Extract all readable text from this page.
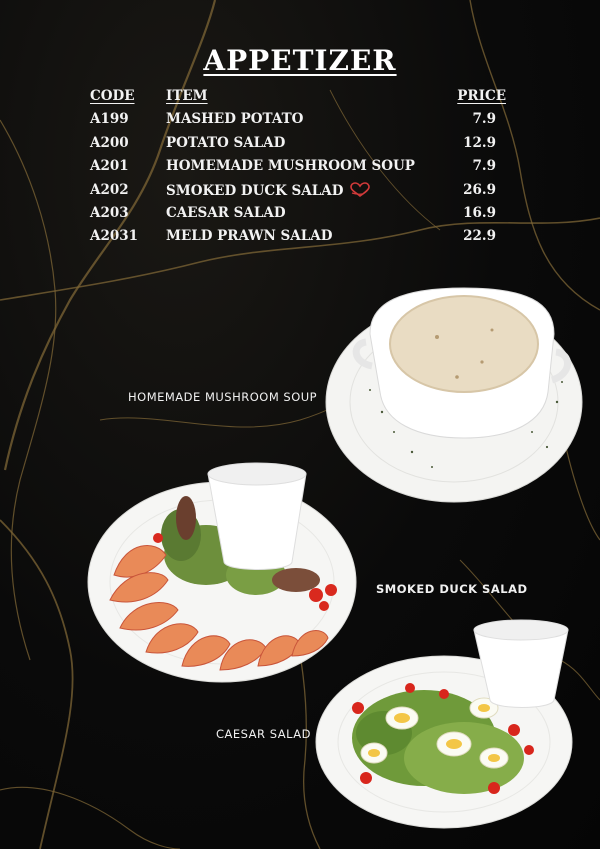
APPETIZER
CODE ITEM	PRICE
A199	MASHED POTATO	7.9
A200	POTATO SALAD	12.9
A201	HOMEMADE MUSHROOM SOUP	7.9
A202	SMOKED DUCK SALAD	26.9
A203	CAESAR SALAD	16.9
A2031 MELD PRAWN SALAD	22.9
HOMEMADE MUSHROOM SOUP
SMOKED DUCK SALAD
CAESAR SALAD
